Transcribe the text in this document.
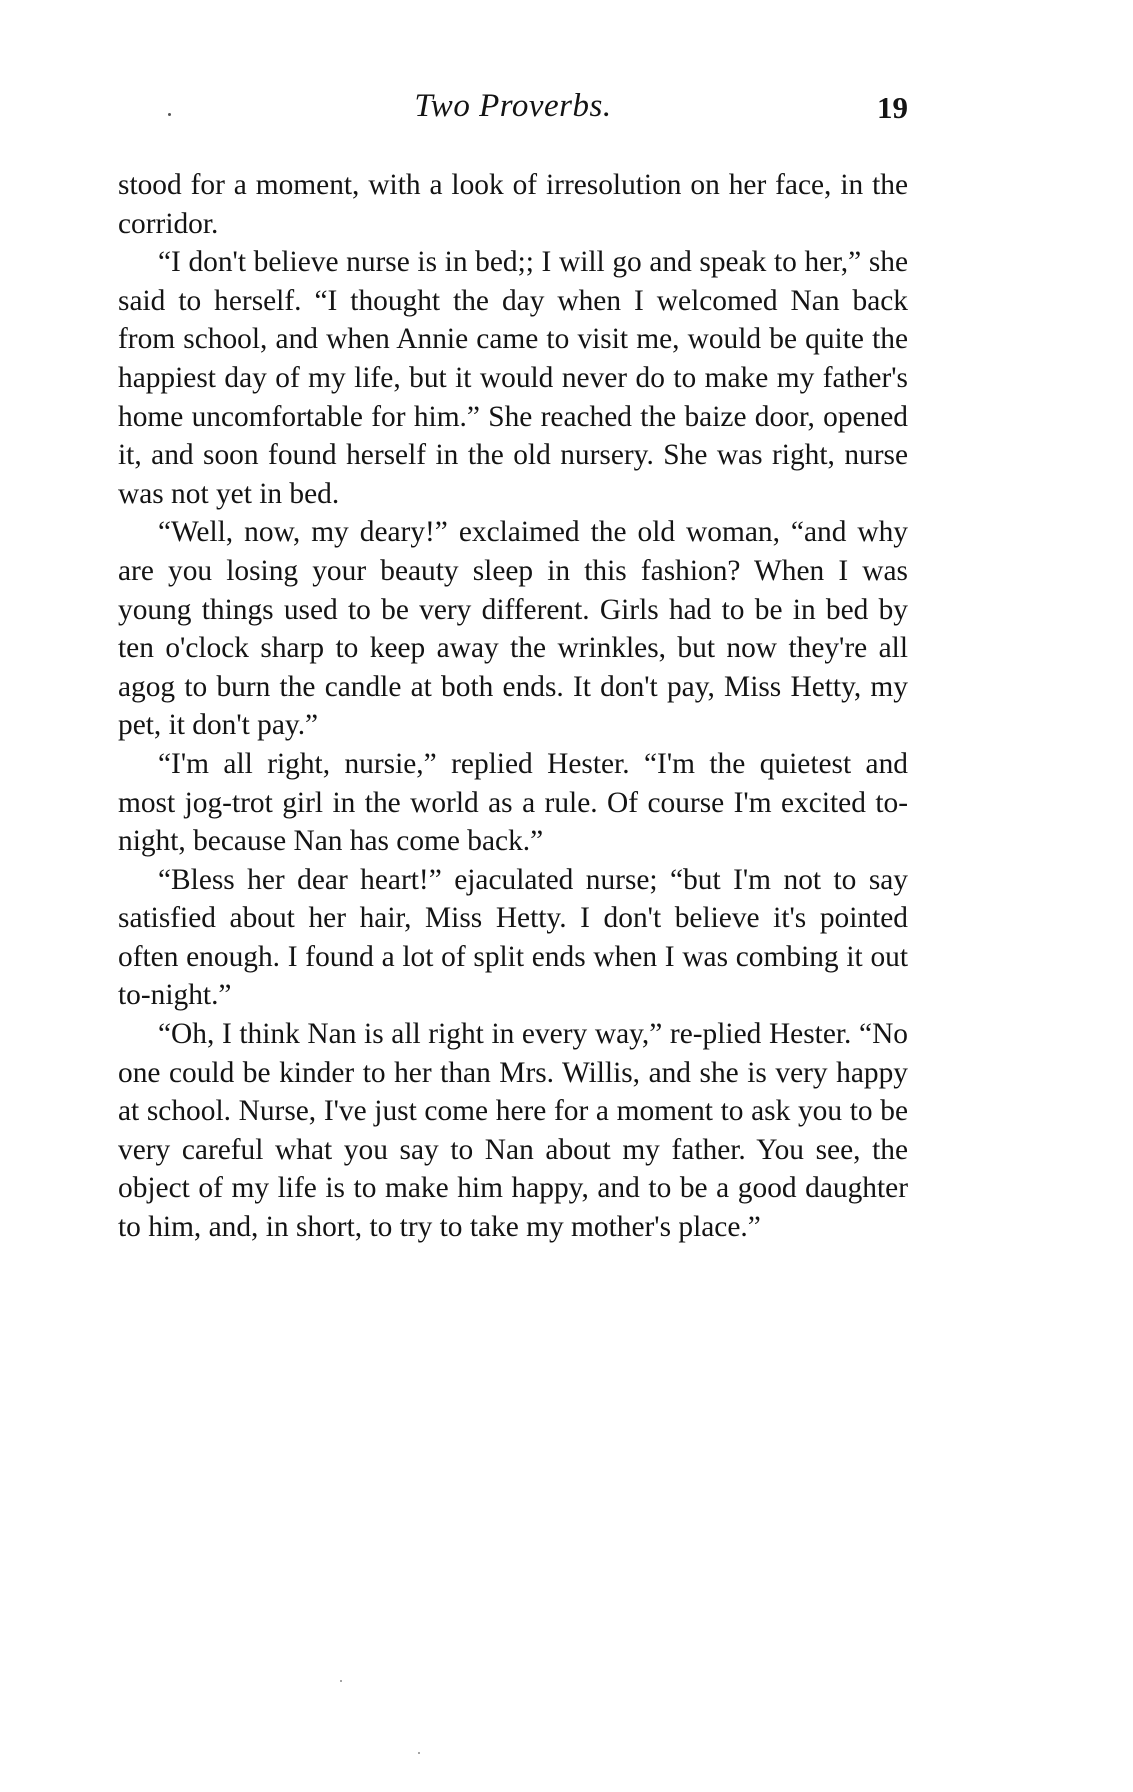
Two Proverbs.	19

stood for a moment, with a look of irresolution on her face, in the corridor.

“I don't believe nurse is in bed;; I will go and speak to her,” she said to herself. “I thought the day when I welcomed Nan back from school, and when Annie came to visit me, would be quite the happiest day of my life, but it would never do to make my father's home uncomfortable for him.” She reached the baize door, opened it, and soon found herself in the old nursery. She was right, nurse was not yet in bed.

“Well, now, my deary!” exclaimed the old woman, “and why are you losing your beauty sleep in this fashion? When I was young things used to be very different. Girls had to be in bed by ten o'clock sharp to keep away the wrinkles, but now they're all agog to burn the candle at both ends. It don't pay, Miss Hetty, my pet, it don't pay.”

“I'm all right, nursie,” replied Hester. “I'm the quietest and most jog-trot girl in the world as a rule. Of course I'm excited to-night, because Nan has come back.”

“Bless her dear heart!” ejaculated nurse; “but I'm not to say satisfied about her hair, Miss Hetty. I don't believe it's pointed often enough. I found a lot of split ends when I was combing it out to-night.”

“Oh, I think Nan is all right in every way,” re-plied Hester. “No one could be kinder to her than Mrs. Willis, and she is very happy at school. Nurse, I've just come here for a moment to ask you to be very careful what you say to Nan about my father. You see, the object of my life is to make him happy, and to be a good daughter to him, and, in short, to try to take my mother's place.”
